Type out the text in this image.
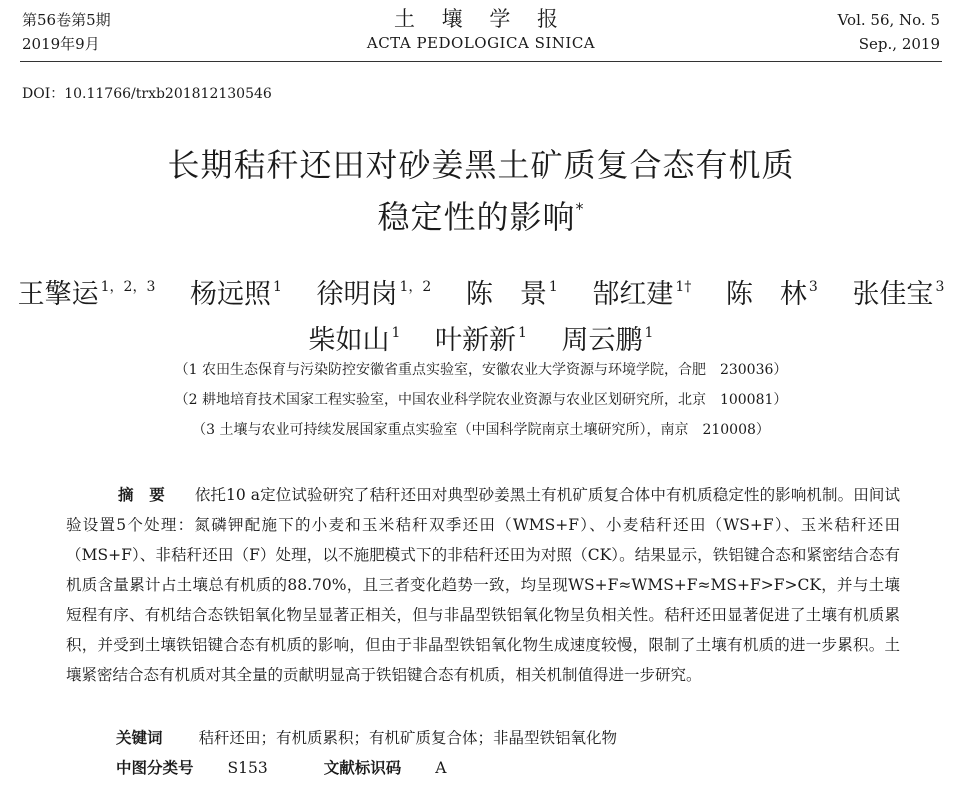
第56卷第5期
2019年9月
土 壤 学 报
ACTA PEDOLOGICA SINICA
Vol. 56, No. 5
Sep., 2019
DOI：10.11766/trxb201812130546
长期秸秆还田对砂姜黑土矿质复合态有机质
稳定性的影响*
王擎运 $^{1,2,3}$ 杨远照 $^1$ 徐明岗 $^{1,2}$ 陈　景 $^1$ 郜红建 $^{1\dagger}$ 陈　林 $^3$ 张佳宝 $^3$
柴如山 $^1$ 叶新新 $^1$ 周云鹏 $^1$
（1 农田生态保育与污染防控安徽省重点实验室，安徽农业大学资源与环境学院，合肥　230036）
（2 耕地培育技术国家工程实验室，中国农业科学院农业资源与农业区划研究所，北京　100081）
（3 土壤与农业可持续发展国家重点实验室（中国科学院南京土壤研究所），南京　210008）
摘　要 依托10 a定位试验研究了秸秆还田对典型砂姜黑土有机矿质复合体中有机质稳定性的影响机制。田间试验设置5个处理：氮磷钾配施下的小麦和玉米秸秆双季还田（WMS+F）、小麦秸秆还田（WS+F）、玉米秸秆还田（MS+F）、非秸秆还田（F）处理，以不施肥模式下的非秸秆还田为对照（CK）。结果显示，铁铝键合态和紧密结合态有机质含量累计占土壤总有机质的88.70%，且三者变化趋势一致，均呈现WS+F≈WMS+F≈MS+F>F>CK，并与土壤短程有序、有机结合态铁铝氧化物呈显著正相关，但与非晶型铁铝氧化物呈负相关性。秸秆还田显著促进了土壤有机质累积，并受到土壤铁铝键合态有机质的影响，但由于非晶型铁铝氧化物生成速度较慢，限制了土壤有机质的进一步累积。土壤紧密结合态有机质对其全量的贡献明显高于铁铝键合态有机质，相关机制值得进一步研究。
关键词 秸秆还田；有机质累积；有机矿质复合体；非晶型铁铝氧化物
中图分类号 S153	文献标识码 A
